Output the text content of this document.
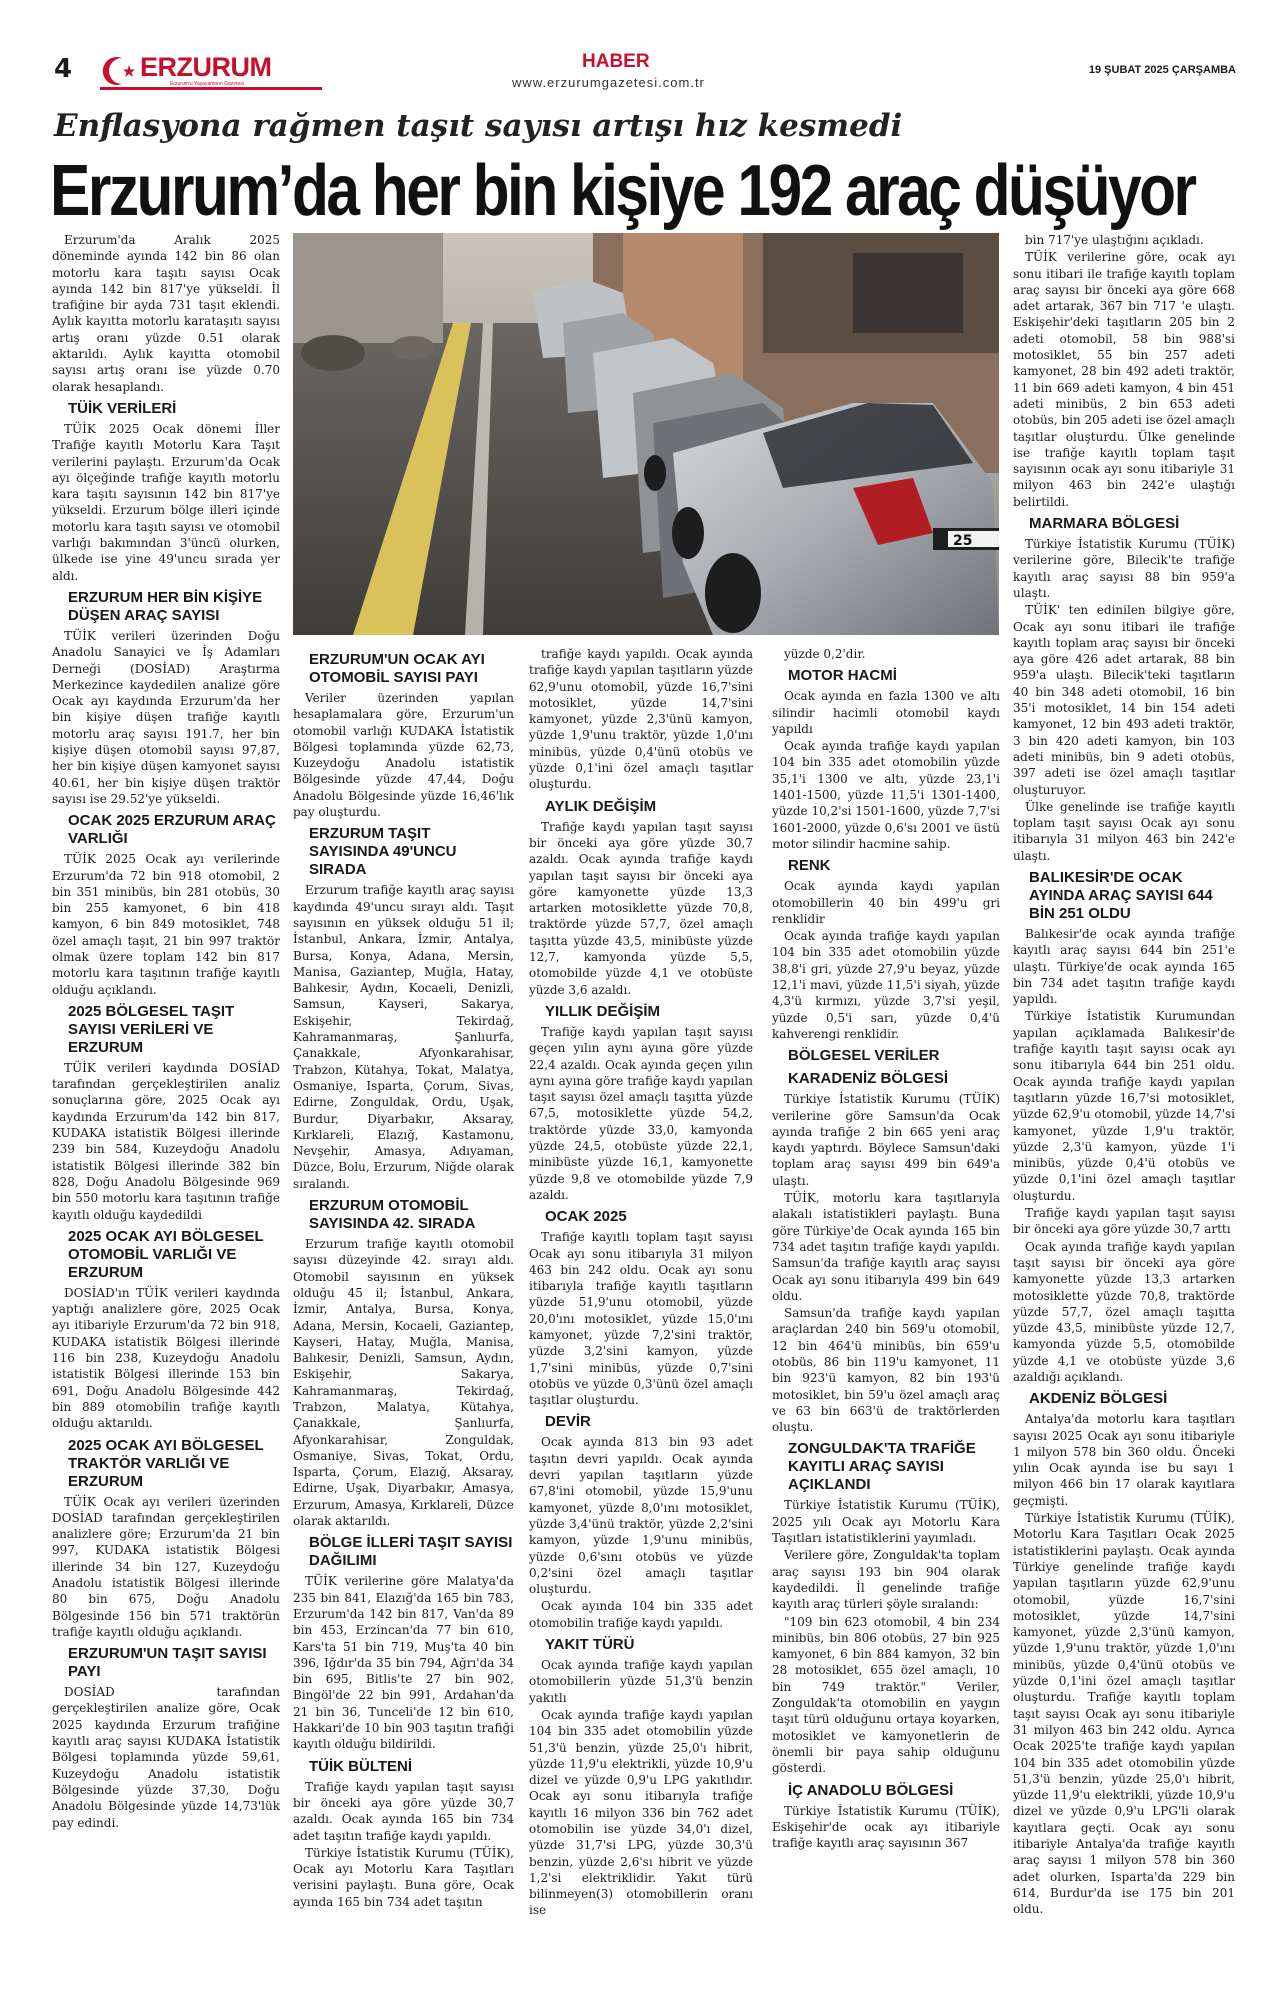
4	ERZURUM
Erzurum'u Yaşayanların Gazetesi
HABER
www.erzurumgazetesi.com.tr
19 ŞUBAT 2025 ÇARŞAMBA
Enflasyona rağmen taşıt sayısı artışı hız kesmedi
Erzurum’da her bin kişiye 192 araç düşüyor
25

Erzurum'da Aralık 2025 döneminde ayında 142 bin 86 olan motorlu kara taşıtı sayısı Ocak ayında 142 bin 817'ye yükseldi. İl trafiğine bir ayda 731 taşıt eklendi. Aylık kayıtta motorlu karataşıtı sayısı artış oranı yüzde 0.51 olarak aktarıldı. Aylık kayıtta otomobil sayısı artış oranı ise yüzde 0.70 olarak hesaplandı.

TÜİK VERİLERİ

TÜİK 2025 Ocak dönemi İller Trafiğe kayıtlı Motorlu Kara Taşıt verilerini paylaştı. Erzurum'da Ocak ayı ölçeğinde trafiğe kayıtlı motorlu kara taşıtı sayısının 142 bin 817'ye yükseldi. Erzurum bölge illeri içinde motorlu kara taşıtı sayısı ve otomobil varlığı bakımından 3'üncü olurken, ülkede ise yine 49'uncu sırada yer aldı.

ERZURUM HER BİN KİŞİYE DÜŞEN ARAÇ SAYISI

TÜİK verileri üzerinden Doğu Anadolu Sanayici ve İş Adamları Derneği (DOSİAD) Araştırma Merkezince kaydedilen analize göre Ocak ayı kaydında Erzurum'da her bin kişiye düşen trafiğe kayıtlı motorlu araç sayısı 191.7, her bin kişiye düşen otomobil sayısı 97,87, her bin kişiye düşen kamyonet sayısı 40.61, her bin kişiye düşen traktör sayısı ise 29.52'ye yükseldi.

OCAK 2025 ERZURUM ARAÇ VARLIĞI

TÜİK 2025 Ocak ayı verilerinde Erzurum'da 72 bin 918 otomobil, 2 bin 351 minibüs, bin 281 otobüs, 30 bin 255 kamyonet, 6 bin 418 kamyon, 6 bin 849 motosiklet, 748 özel amaçlı taşıt, 21 bin 997 traktör olmak üzere toplam 142 bin 817 motorlu kara taşıtının trafiğe kayıtlı olduğu açıklandı.

2025 BÖLGESEL TAŞIT SAYISI VERİLERİ VE ERZURUM

TÜİK verileri kaydında DOSİAD tarafından gerçekleştirilen analiz sonuçlarına göre, 2025 Ocak ayı kaydında Erzurum'da 142 bin 817, KUDAKA istatistik Bölgesi illerinde 239 bin 584, Kuzeydoğu Anadolu istatistik Bölgesi illerinde 382 bin 828, Doğu Anadolu Bölgesinde 969 bin 550 motorlu kara taşıtının trafiğe kayıtlı olduğu kaydedildi

2025 OCAK AYI BÖLGESEL OTOMOBİL VARLIĞI VE ERZURUM

DOSİAD'ın TÜİK verileri kaydında yaptığı analizlere göre, 2025 Ocak ayı itibariyle Erzurum'da 72 bin 918, KUDAKA istatistik Bölgesi illerinde 116 bin 238, Kuzeydoğu Anadolu istatistik Bölgesi illerinde 153 bin 691, Doğu Anadolu Bölgesinde 442 bin 889 otomobilin trafiğe kayıtlı olduğu aktarıldı.

2025 OCAK AYI BÖLGESEL TRAKTÖR VARLIĞI VE ERZURUM

TÜİK Ocak ayı verileri üzerinden DOSİAD tarafından gerçekleştirilen analizlere göre; Erzurum'da 21 bin 997, KUDAKA istatistik Bölgesi illerinde 34 bin 127, Kuzeydoğu Anadolu istatistik Bölgesi illerinde 80 bin 675, Doğu Anadolu Bölgesinde 156 bin 571 traktörün trafiğe kayıtlı olduğu açıklandı.

ERZURUM'UN TAŞIT SAYISI PAYI

DOSİAD tarafından gerçekleştirilen analize göre, Ocak 2025 kaydında Erzurum trafiğine kayıtlı araç sayısı KUDAKA İstatistik Bölgesi toplamında yüzde 59,61, Kuzeydoğu Anadolu istatistik Bölgesinde yüzde 37,30, Doğu Anadolu Bölgesinde yüzde 14,73'lük pay edindi.

ERZURUM'UN OCAK AYI OTOMOBİL SAYISI PAYI

Veriler üzerinden yapılan hesaplamalara göre, Erzurum'un otomobil varlığı KUDAKA İstatistik Bölgesi toplamında yüzde 62,73, Kuzeydoğu Anadolu istatistik Bölgesinde yüzde 47,44, Doğu Anadolu Bölgesinde yüzde 16,46'lık pay oluşturdu.

ERZURUM TAŞIT SAYISINDA 49'UNCU SIRADA

Erzurum trafiğe kayıtlı araç sayısı kaydında 49'uncu sırayı aldı. Taşıt sayısının en yüksek olduğu 51 il; İstanbul, Ankara, İzmir, Antalya, Bursa, Konya, Adana, Mersin, Manisa, Gaziantep, Muğla, Hatay, Balıkesir, Aydın, Kocaeli, Denizli, Samsun, Kayseri, Sakarya, Eskişehir, Tekirdağ, Kahramanmaraş, Şanlıurfa, Çanakkale, Afyonkarahisar, Trabzon, Kütahya, Tokat, Malatya, Osmaniye, Isparta, Çorum, Sivas, Edirne, Zonguldak, Ordu, Uşak, Burdur, Diyarbakır, Aksaray, Kırklareli, Elazığ, Kastamonu, Nevşehir, Amasya, Adıyaman, Düzce, Bolu, Erzurum, Niğde olarak sıralandı.

ERZURUM OTOMOBİL SAYISINDA 42. SIRADA

Erzurum trafiğe kayıtlı otomobil sayısı düzeyinde 42. sırayı aldı. Otomobil sayısının en yüksek olduğu 45 il; İstanbul, Ankara, İzmir, Antalya, Bursa, Konya, Adana, Mersin, Kocaeli, Gaziantep, Kayseri, Hatay, Muğla, Manisa, Balıkesir, Denizli, Samsun, Aydın, Eskişehir, Sakarya, Kahramanmaraş, Tekirdağ, Trabzon, Malatya, Kütahya, Çanakkale, Şanlıurfa, Afyonkarahisar, Zonguldak, Osmaniye, Sivas, Tokat, Ordu, Isparta, Çorum, Elazığ, Aksaray, Edirne, Uşak, Diyarbakır, Amasya, Erzurum, Amasya, Kırklareli, Düzce olarak aktarıldı.

BÖLGE İLLERİ TAŞIT SAYISI DAĞILIMI

TÜİK verilerine göre Malatya'da 235 bin 841, Elazığ'da 165 bin 783, Erzurum'da 142 bin 817, Van'da 89 bin 453, Erzincan'da 77 bin 610, Kars'ta 51 bin 719, Muş'ta 40 bin 396, Iğdır'da 35 bin 794, Ağrı'da 34 bin 695, Bitlis'te 27 bin 902, Bingöl'de 22 bin 991, Ardahan'da 21 bin 36, Tunceli'de 12 bin 610, Hakkari'de 10 bin 903 taşıtın trafiği kayıtlı olduğu bildirildi.

TÜİK BÜLTENİ

Trafiğe kaydı yapılan taşıt sayısı bir önceki aya göre yüzde 30,7 azaldı. Ocak ayında 165 bin 734 adet taşıtın trafiğe kaydı yapıldı.

Türkiye İstatistik Kurumu (TÜİK), Ocak ayı Motorlu Kara Taşıtları verisini paylaştı. Buna göre, Ocak ayında 165 bin 734 adet taşıtın

trafiğe kaydı yapıldı. Ocak ayında trafiğe kaydı yapılan taşıtların yüzde 62,9'unu otomobil, yüzde 16,7'sini motosiklet, yüzde 14,7'sini kamyonet, yüzde 2,3'ünü kamyon, yüzde 1,9'unu traktör, yüzde 1,0'ını minibüs, yüzde 0,4'ünü otobüs ve yüzde 0,1'ini özel amaçlı taşıtlar oluşturdu.

AYLIK DEĞİŞİM

Trafiğe kaydı yapılan taşıt sayısı bir önceki aya göre yüzde 30,7 azaldı. Ocak ayında trafiğe kaydı yapılan taşıt sayısı bir önceki aya göre kamyonette yüzde 13,3 artarken motosiklette yüzde 70,8, traktörde yüzde 57,7, özel amaçlı taşıtta yüzde 43,5, minibüste yüzde 12,7, kamyonda yüzde 5,5, otomobilde yüzde 4,1 ve otobüste yüzde 3,6 azaldı.

YILLIK DEĞİŞİM

Trafiğe kaydı yapılan taşıt sayısı geçen yılın aynı ayına göre yüzde 22,4 azaldı. Ocak ayında geçen yılın aynı ayına göre trafiğe kaydı yapılan taşıt sayısı özel amaçlı taşıtta yüzde 67,5, motosiklette yüzde 54,2, traktörde yüzde 33,0, kamyonda yüzde 24,5, otobüste yüzde 22,1, minibüste yüzde 16,1, kamyonette yüzde 9,8 ve otomobilde yüzde 7,9 azaldı.

OCAK 2025

Trafiğe kayıtlı toplam taşıt sayısı Ocak ayı sonu itibarıyla 31 milyon 463 bin 242 oldu. Ocak ayı sonu itibarıyla trafiğe kayıtlı taşıtların yüzde 51,9'unu otomobil, yüzde 20,0'ını motosiklet, yüzde 15,0'ını kamyonet, yüzde 7,2'sini traktör, yüzde 3,2'sini kamyon, yüzde 1,7'sini minibüs, yüzde 0,7'sini otobüs ve yüzde 0,3'ünü özel amaçlı taşıtlar oluşturdu.

DEVİR

Ocak ayında 813 bin 93 adet taşıtın devri yapıldı. Ocak ayında devri yapılan taşıtların yüzde 67,8'ini otomobil, yüzde 15,9'unu kamyonet, yüzde 8,0'ını motosiklet, yüzde 3,4'ünü traktör, yüzde 2,2'sini kamyon, yüzde 1,9'unu minibüs, yüzde 0,6'sını otobüs ve yüzde 0,2'sini özel amaçlı taşıtlar oluşturdu.

Ocak ayında 104 bin 335 adet otomobilin trafiğe kaydı yapıldı.

YAKIT TÜRÜ

Ocak ayında trafiğe kaydı yapılan otomobillerin yüzde 51,3'ü benzin yakıtlı

Ocak ayında trafiğe kaydı yapılan 104 bin 335 adet otomobilin yüzde 51,3'ü benzin, yüzde 25,0'ı hibrit, yüzde 11,9'u elektrikli, yüzde 10,9'u dizel ve yüzde 0,9'u LPG yakıtlıdır. Ocak ayı sonu itibarıyla trafiğe kayıtlı 16 milyon 336 bin 762 adet otomobilin ise yüzde 34,0'ı dizel, yüzde 31,7'si LPG, yüzde 30,3'ü benzin, yüzde 2,6'sı hibrit ve yüzde 1,2'si elektriklidir. Yakıt türü bilinmeyen(3) otomobillerin oranı ise

yüzde 0,2'dir.

MOTOR HACMİ

Ocak ayında en fazla 1300 ve altı silindir hacimli otomobil kaydı yapıldı

Ocak ayında trafiğe kaydı yapılan 104 bin 335 adet otomobilin yüzde 35,1'i 1300 ve altı, yüzde 23,1'i 1401-1500, yüzde 11,5'i 1301-1400, yüzde 10,2'si 1501-1600, yüzde 7,7'si 1601-2000, yüzde 0,6'sı 2001 ve üstü motor silindir hacmine sahip.

RENK

Ocak ayında kaydı yapılan otomobillerin 40 bin 499'u gri renklidir

Ocak ayında trafiğe kaydı yapılan 104 bin 335 adet otomobilin yüzde 38,8'i gri, yüzde 27,9'u beyaz, yüzde 12,1'i mavi, yüzde 11,5'i siyah, yüzde 4,3'ü kırmızı, yüzde 3,7'si yeşil, yüzde 0,5'i sarı, yüzde 0,4'ü kahverengi renklidir.

BÖLGESEL VERİLER
KARADENİZ BÖLGESİ

Türkiye İstatistik Kurumu (TÜİK) verilerine göre Samsun'da Ocak ayında trafiğe 2 bin 665 yeni araç kaydı yaptırdı. Böylece Samsun'daki toplam araç sayısı 499 bin 649'a ulaştı.

TÜİK, motorlu kara taşıtlarıyla alakalı istatistikleri paylaştı. Buna göre Türkiye'de Ocak ayında 165 bin 734 adet taşıtın trafiğe kaydı yapıldı. Samsun'da trafiğe kayıtlı araç sayısı Ocak ayı sonu itibarıyla 499 bin 649 oldu.

Samsun'da trafiğe kaydı yapılan araçlardan 240 bin 569'u otomobil, 12 bin 464'ü minibüs, bin 659'u otobüs, 86 bin 119'u kamyonet, 11 bin 923'ü kamyon, 82 bin 193'ü motosiklet, bin 59'u özel amaçlı araç ve 63 bin 663'ü de traktörlerden oluştu.

ZONGULDAK'TA TRAFİĞE KAYITLI ARAÇ SAYISI AÇIKLANDI

Türkiye İstatistik Kurumu (TÜİK), 2025 yılı Ocak ayı Motorlu Kara Taşıtları istatistiklerini yayımladı.

Verilere göre, Zonguldak'ta toplam araç sayısı 193 bin 904 olarak kaydedildi. İl genelinde trafiğe kayıtlı araç türleri şöyle sıralandı:

"109 bin 623 otomobil, 4 bin 234 minibüs, bin 806 otobüs, 27 bin 925 kamyonet, 6 bin 884 kamyon, 32 bin 28 motosiklet, 655 özel amaçlı, 10 bin 749 traktör." Veriler, Zonguldak'ta otomobilin en yaygın taşıt türü olduğunu ortaya koyarken, motosiklet ve kamyonetlerin de önemli bir paya sahip olduğunu gösterdi.

İÇ ANADOLU BÖLGESİ

Türkiye İstatistik Kurumu (TÜİK), Eskişehir'de ocak ayı itibariyle trafiğe kayıtlı araç sayısının 367

bin 717'ye ulaştığını açıkladı.

TÜİK verilerine göre, ocak ayı sonu itibari ile trafiğe kayıtlı toplam araç sayısı bir önceki aya göre 668 adet artarak, 367 bin 717 'e ulaştı. Eskişehir'deki taşıtların 205 bin 2 adeti otomobil, 58 bin 988'si motosiklet, 55 bin 257 adeti kamyonet, 28 bin 492 adeti traktör, 11 bin 669 adeti kamyon, 4 bin 451 adeti minibüs, 2 bin 653 adeti otobüs, bin 205 adeti ise özel amaçlı taşıtlar oluşturdu. Ülke genelinde ise trafiğe kayıtlı toplam taşıt sayısının ocak ayı sonu itibariyle 31 milyon 463 bin 242'e ulaştığı belirtildi.

MARMARA BÖLGESİ

Türkiye İstatistik Kurumu (TÜİK) verilerine göre, Bilecik'te trafiğe kayıtlı araç sayısı 88 bin 959'a ulaştı.

TÜİK' ten edinilen bilgiye göre, Ocak ayı sonu itibari ile trafiğe kayıtlı toplam araç sayısı bir önceki aya göre 426 adet artarak, 88 bin 959'a ulaştı. Bilecik'teki taşıtların 40 bin 348 adeti otomobil, 16 bin 35'i motosiklet, 14 bin 154 adeti kamyonet, 12 bin 493 adeti traktör, 3 bin 420 adeti kamyon, bin 103 adeti minibüs, bin 9 adeti otobüs, 397 adeti ise özel amaçlı taşıtlar oluşturuyor.

Ülke genelinde ise trafiğe kayıtlı toplam taşıt sayısı Ocak ayı sonu itibarıyla 31 milyon 463 bin 242'e ulaştı.

BALIKESİR'DE OCAK AYINDA ARAÇ SAYISI 644 BİN 251 OLDU

Balıkesir'de ocak ayında trafiğe kayıtlı araç sayısı 644 bin 251'e ulaştı. Türkiye'de ocak ayında 165 bin 734 adet taşıtın trafiğe kaydı yapıldı.

Türkiye İstatistik Kurumundan yapılan açıklamada Balıkesir'de trafiğe kayıtlı taşıt sayısı ocak ayı sonu itibarıyla 644 bin 251 oldu. Ocak ayında trafiğe kaydı yapılan taşıtların yüzde 16,7'si motosiklet, yüzde 62,9'u otomobil, yüzde 14,7'si kamyonet, yüzde 1,9'u traktör, yüzde 2,3'ü kamyon, yüzde 1'i minibüs, yüzde 0,4'ü otobüs ve yüzde 0,1'ini özel amaçlı taşıtlar oluşturdu.

Trafiğe kaydı yapılan taşıt sayısı bir önceki aya göre yüzde 30,7 arttı

Ocak ayında trafiğe kaydı yapılan taşıt sayısı bir önceki aya göre kamyonette yüzde 13,3 artarken motosiklette yüzde 70,8, traktörde yüzde 57,7, özel amaçlı taşıtta yüzde 43,5, minibüste yüzde 12,7, kamyonda yüzde 5,5, otomobilde yüzde 4,1 ve otobüste yüzde 3,6 azaldığı açıklandı.

AKDENİZ BÖLGESİ

Antalya'da motorlu kara taşıtları sayısı 2025 Ocak ayı sonu itibariyle 1 milyon 578 bin 360 oldu. Önceki yılın Ocak ayında ise bu sayı 1 milyon 466 bin 17 olarak kayıtlara geçmişti.

Türkiye İstatistik Kurumu (TÜİK), Motorlu Kara Taşıtları Ocak 2025 istatistiklerini paylaştı. Ocak ayında Türkiye genelinde trafiğe kaydı yapılan taşıtların yüzde 62,9'unu otomobil, yüzde 16,7'sini motosiklet, yüzde 14,7'sini kamyonet, yüzde 2,3'ünü kamyon, yüzde 1,9'unu traktör, yüzde 1,0'ını minibüs, yüzde 0,4'ünü otobüs ve yüzde 0,1'ini özel amaçlı taşıtlar oluşturdu. Trafiğe kayıtlı toplam taşıt sayısı Ocak ayı sonu itibariyle 31 milyon 463 bin 242 oldu. Ayrıca Ocak 2025'te trafiğe kaydı yapılan 104 bin 335 adet otomobilin yüzde 51,3'ü benzin, yüzde 25,0'ı hibrit, yüzde 11,9'u elektrikli, yüzde 10,9'u dizel ve yüzde 0,9'u LPG'li olarak kayıtlara geçti. Ocak ayı sonu itibariyle Antalya'da trafiğe kayıtlı araç sayısı 1 milyon 578 bin 360 adet olurken, Isparta'da 229 bin 614, Burdur'da ise 175 bin 201 oldu.
